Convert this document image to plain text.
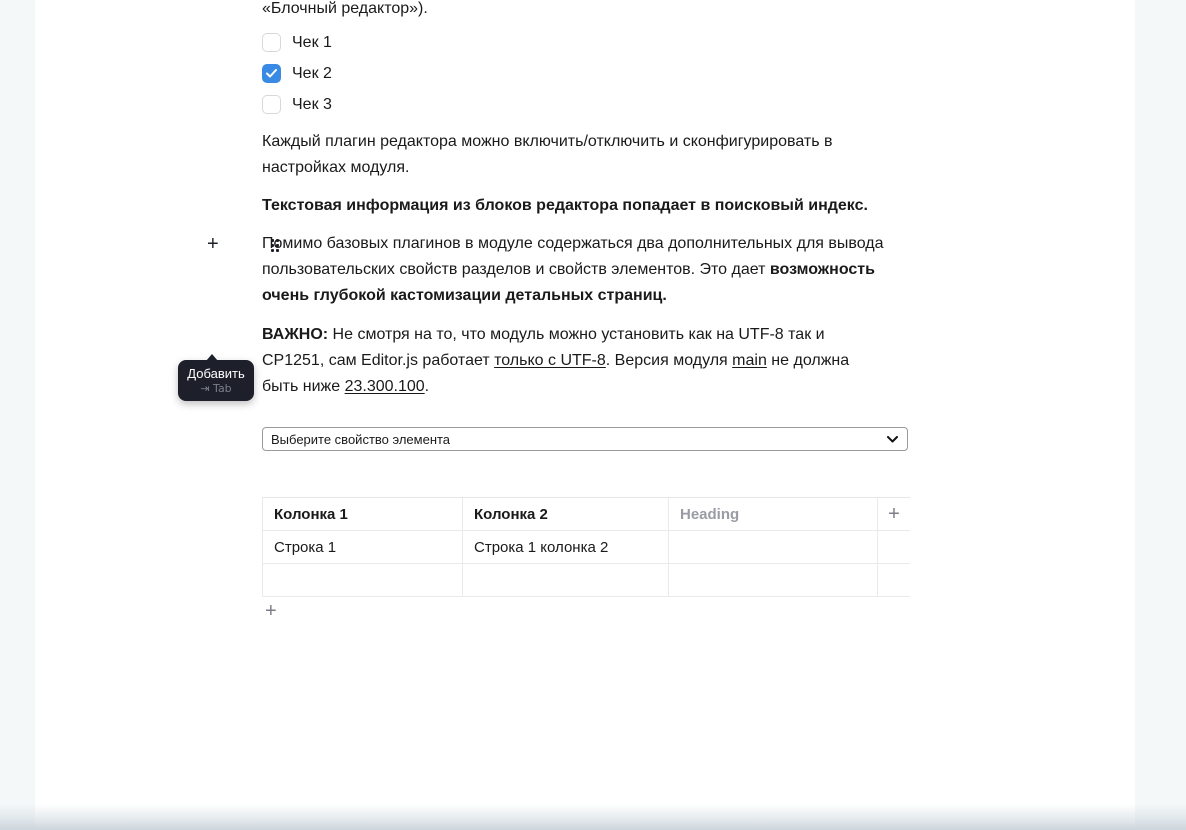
«Блочный редактор»).
Чек 1
Чек 2
Чек 3
Каждый плагин редактора можно включить/отключить и сконфигурировать в настройках модуля.
Текстовая информация из блоков редактора попадает в поисковый индекс.
+	Помимо базовых плагинов в модуле содержаться два дополнительных для вывода пользовательских свойств разделов и свойств элементов. Это дает возможность очень глубокой кастомизации детальных страниц.
ВАЖНО: Не смотря на то, что модуль можно установить как на UTF-8 так и CP1251, сам Editor.js работает только с UTF-8. Версия модуля main не должна быть ниже 23.300.100.
Добавить
⇥ Tab
Выберите свойство элемента
Колонка 1	Колонка 2	Heading	+
Строка 1	Строка 1 колонка 2
+
